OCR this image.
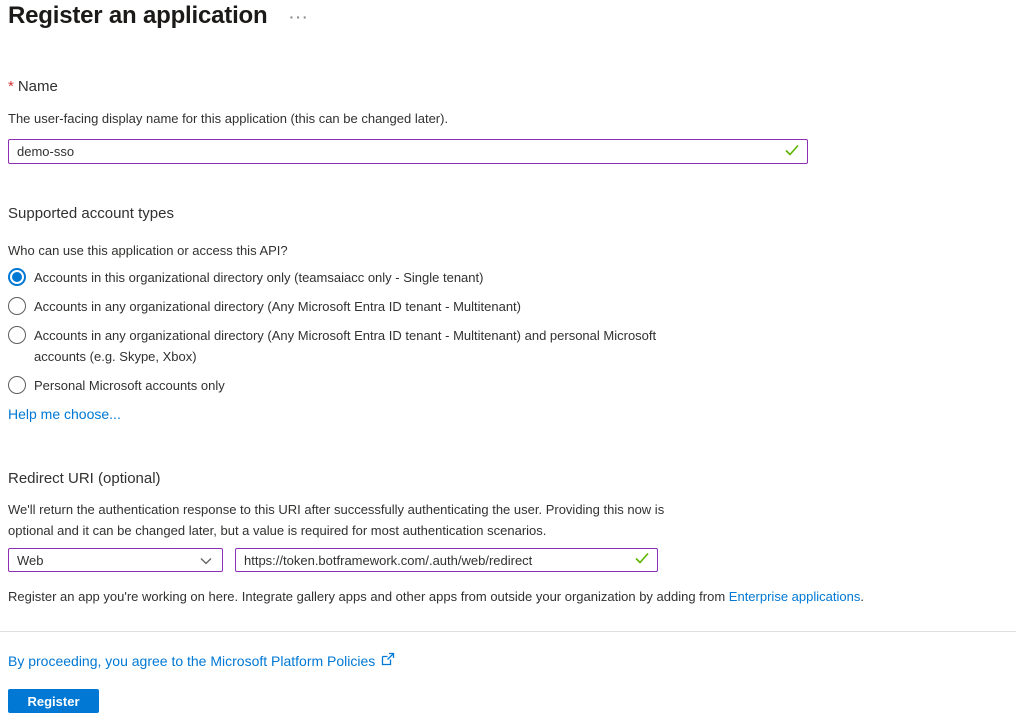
Register an application ···
* Name
The user-facing display name for this application (this can be changed later).
demo-sso
Supported account types
Who can use this application or access this API?
Accounts in this organizational directory only (teamsaiacc only - Single tenant)
Accounts in any organizational directory (Any Microsoft Entra ID tenant - Multitenant)
Accounts in any organizational directory (Any Microsoft Entra ID tenant - Multitenant) and personal Microsoft accounts (e.g. Skype, Xbox)
Personal Microsoft accounts only
Help me choose...
Redirect URI (optional)
We'll return the authentication response to this URI after successfully authenticating the user. Providing this now is optional and it can be changed later, but a value is required for most authentication scenarios.
Web
https://token.botframework.com/.auth/web/redirect
Register an app you're working on here. Integrate gallery apps and other apps from outside your organization by adding from Enterprise applications.
By proceeding, you agree to the Microsoft Platform Policies
Register
